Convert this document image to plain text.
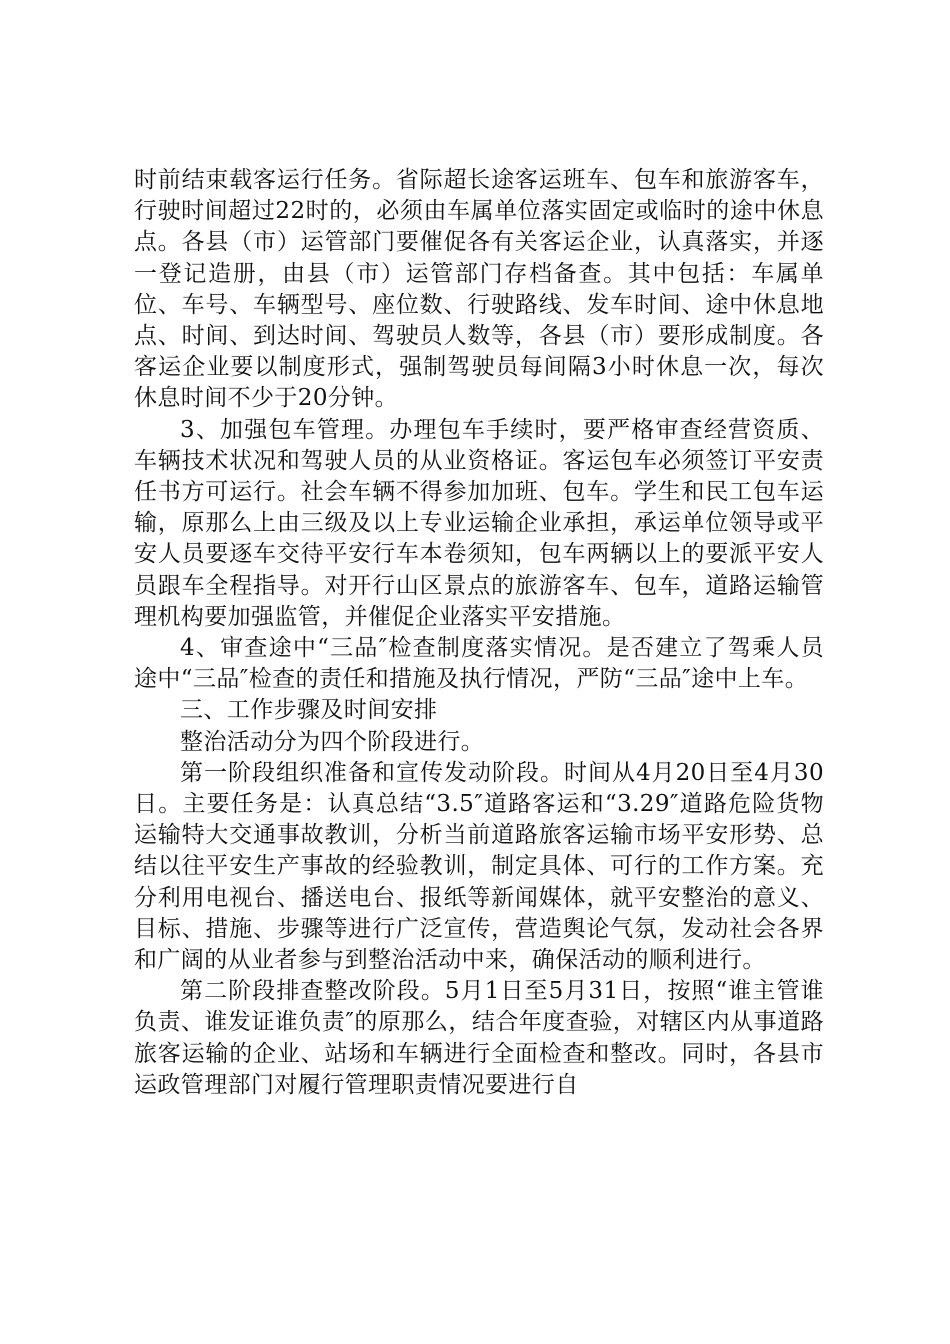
时前结束载客运行任务。省际超长途客运班车、包车和旅游客车，行驶时间超过22时的，必须由车属单位落实固定或临时的途中休息点。各县（市）运管部门要催促各有关客运企业，认真落实，并逐一登记造册，由县（市）运管部门存档备查。其中包括：车属单位、车号、车辆型号、座位数、行驶路线、发车时间、途中休息地点、时间、到达时间、驾驶员人数等，各县（市）要形成制度。各客运企业要以制度形式，强制驾驶员每间隔3小时休息一次，每次休息时间不少于20分钟。

3、加强包车管理。办理包车手续时，要严格审查经营资质、车辆技术状况和驾驶人员的从业资格证。客运包车必须签订平安责任书方可运行。社会车辆不得参加加班、包车。学生和民工包车运输，原那么上由三级及以上专业运输企业承担，承运单位领导或平安人员要逐车交待平安行车本卷须知，包车两辆以上的要派平安人员跟车全程指导。对开行山区景点的旅游客车、包车，道路运输管理机构要加强监管，并催促企业落实平安措施。

4、审查途中“三品″检查制度落实情况。是否建立了驾乘人员途中“三品″检查的责任和措施及执行情况，严防“三品″途中上车。

三、工作步骤及时间安排

整治活动分为四个阶段进行。

第一阶段组织准备和宣传发动阶段。时间从4月20日至4月30日。主要任务是：认真总结“3.5″道路客运和“3.29″道路危险货物运输特大交通事故教训，分析当前道路旅客运输市场平安形势、总结以往平安生产事故的经验教训，制定具体、可行的工作方案。充分利用电视台、播送电台、报纸等新闻媒体，就平安整治的意义、目标、措施、步骤等进行广泛宣传，营造舆论气氛，发动社会各界和广阔的从业者参与到整治活动中来，确保活动的顺利进行。

第二阶段排查整改阶段。5月1日至5月31日，按照“谁主管谁负责、谁发证谁负责″的原那么，结合年度查验，对辖区内从事道路旅客运输的企业、站场和车辆进行全面检查和整改。同时，各县市运政管理部门对履行管理职责情况要进行自
